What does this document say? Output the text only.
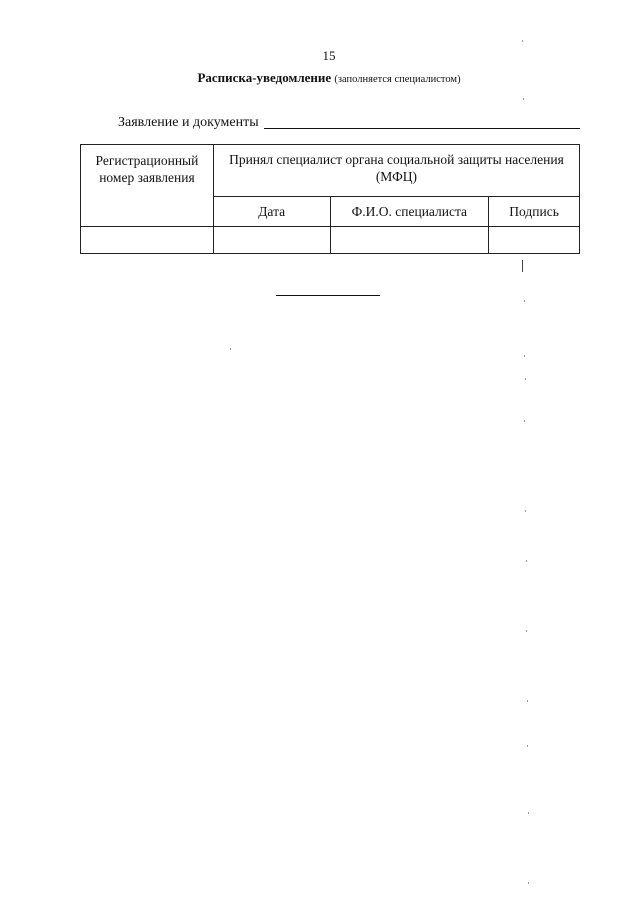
15
Расписка-уведомление (заполняется специалистом)
Заявление и документы
Регистрационный номер заявления	Принял специалист органа социальной защиты населения (МФЦ)		
	Дата	Ф.И.О. специалиста	Подпись
